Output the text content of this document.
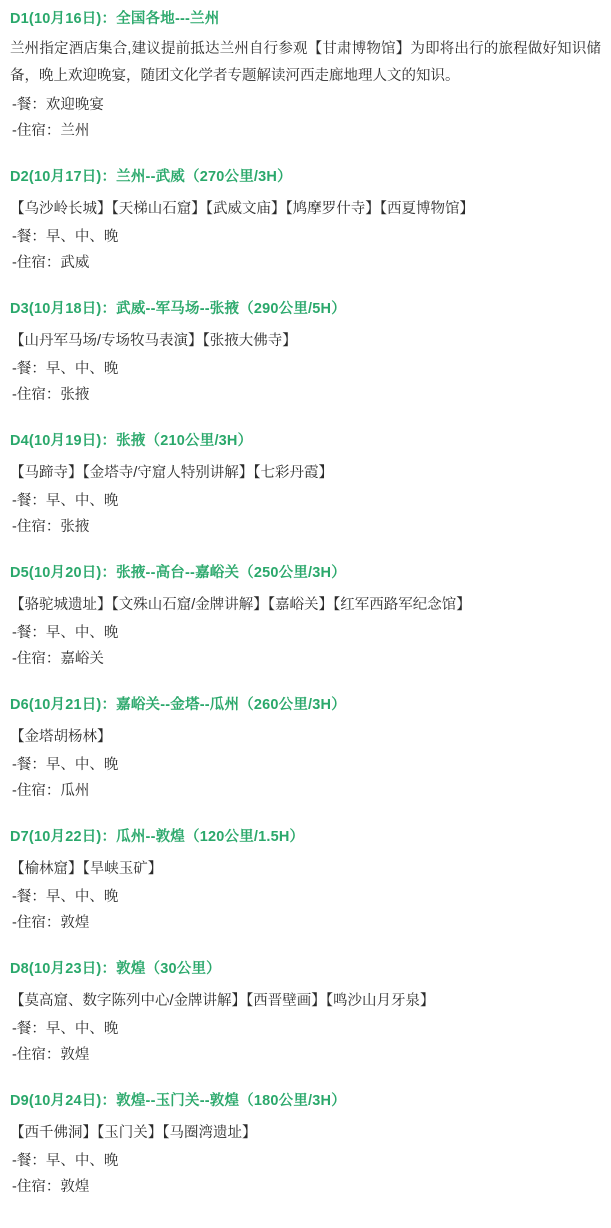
D1(10月16日)：全国各地---兰州

兰州指定酒店集合,建议提前抵达兰州自行参观【甘肃博物馆】为即将出行的旅程做好知识储备，晚上欢迎晚宴，随团文化学者专题解读河西走廊地理人文的知识。

-餐：欢迎晚宴

-住宿：兰州

D2(10月17日)：兰州--武威（270公里/3H）

【乌沙岭长城】【天梯山石窟】【武威文庙】【鸠摩罗什寺】【西夏博物馆】

-餐：早、中、晚

-住宿：武威

D3(10月18日)：武威--军马场--张掖（290公里/5H）

【山丹军马场/专场牧马表演】【张掖大佛寺】

-餐：早、中、晚

-住宿：张掖

D4(10月19日)：张掖（210公里/3H）

【马蹄寺】【金塔寺/守窟人特别讲解】【七彩丹霞】

-餐：早、中、晚

-住宿：张掖

D5(10月20日)：张掖--高台--嘉峪关（250公里/3H）

【骆驼城遗址】【文殊山石窟/金牌讲解】【嘉峪关】【红军西路军纪念馆】

-餐：早、中、晚

-住宿：嘉峪关

D6(10月21日)：嘉峪关--金塔--瓜州（260公里/3H）

【金塔胡杨林】

-餐：早、中、晚

-住宿：瓜州

D7(10月22日)：瓜州--敦煌（120公里/1.5H）

【榆林窟】【旱峡玉矿】

-餐：早、中、晚

-住宿：敦煌

D8(10月23日)：敦煌（30公里）

【莫高窟、数字陈列中心/金牌讲解】【西晋壁画】【鸣沙山月牙泉】

-餐：早、中、晚

-住宿：敦煌

D9(10月24日)：敦煌--玉门关--敦煌（180公里/3H）

【西千佛洞】【玉门关】【马圈湾遗址】

-餐：早、中、晚

-住宿：敦煌
